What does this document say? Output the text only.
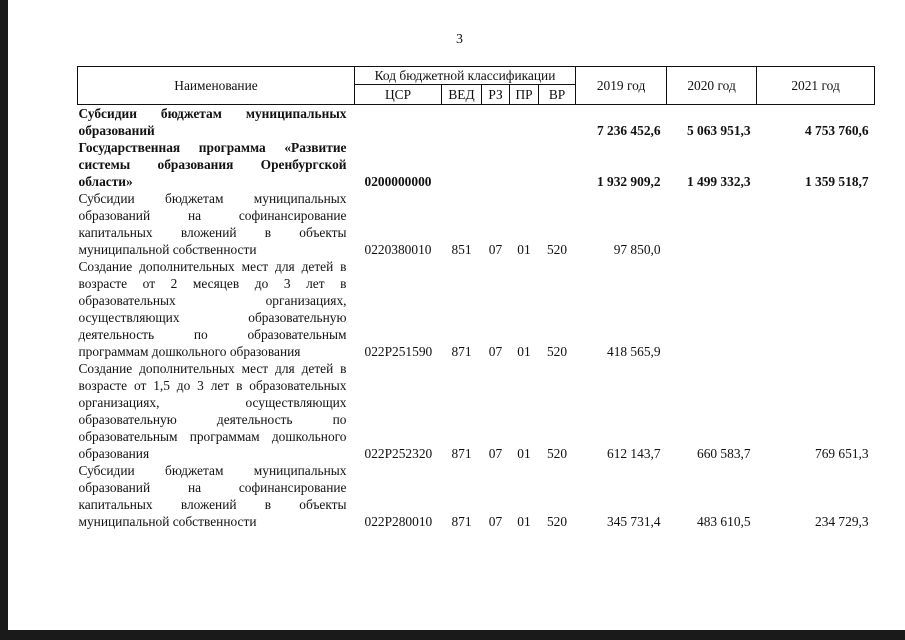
3
Наименование	Код бюджетной классификации					2019 год	2020 год	2021 год
	ЦСР	ВЕД	РЗ	ПР	ВР			
Субсидии бюджетам муниципальных образований						7 236 452,6	5 063 951,3	4 753 760,6
Государственная программа «Развитие системы образования Оренбургской области»	0200000000					1 932 909,2	1 499 332,3	1 359 518,7
Субсидии бюджетам муниципальных образований на софинансирование капитальных вложений в объекты муниципальной собственности	0220380010	851	07	01	520	97 850,0		
Создание дополнительных мест для детей в возрасте от 2 месяцев до 3 лет в образовательных организациях, осуществляющих образовательную деятельность по образовательным программам дошкольного образования	022P251590	871	07	01	520	418 565,9		
Создание дополнительных мест для детей в возрасте от 1,5 до 3 лет в образовательных организациях, осуществляющих образовательную деятельность по образовательным программам дошкольного образования	022P252320	871	07	01	520	612 143,7	660 583,7	769 651,3
Субсидии бюджетам муниципальных образований на софинансирование капитальных вложений в объекты муниципальной собственности	022P280010	871	07	01	520	345 731,4	483 610,5	234 729,3
